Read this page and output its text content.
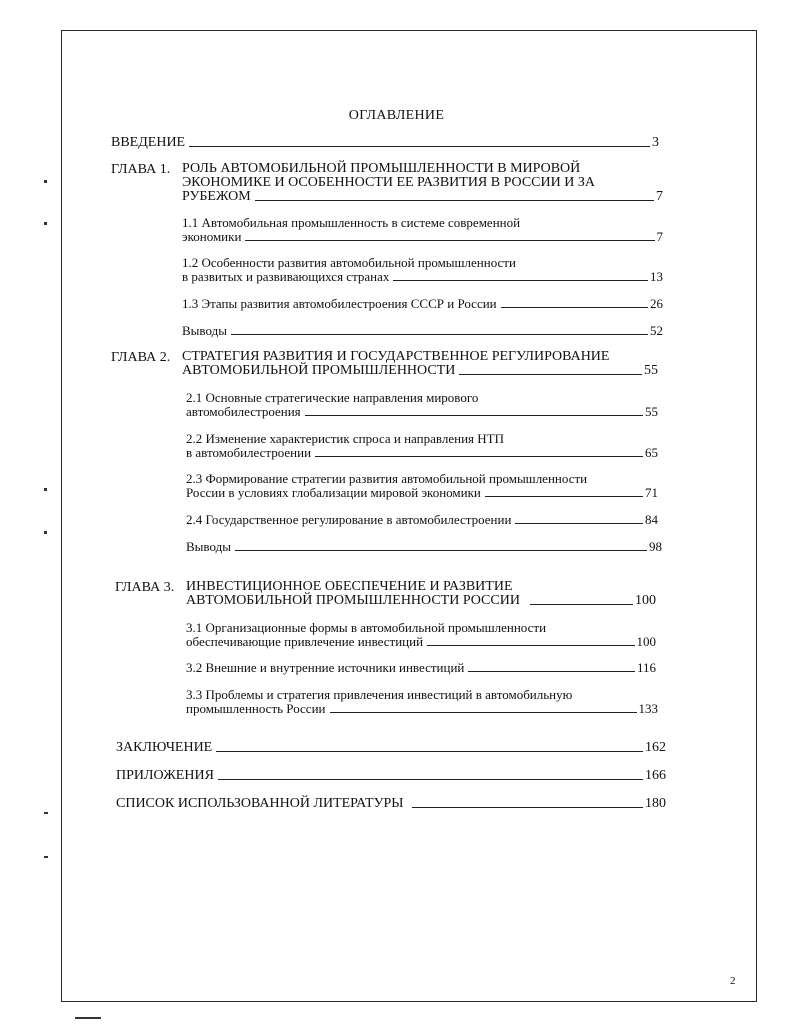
ОГЛАВЛЕНИЕ
ВВЕДЕНИЕ	3
ГЛАВА 1. РОЛЬ АВТОМОБИЛЬНОЙ ПРОМЫШЛЕННОСТИ В МИРОВОЙ
ЭКОНОМИКЕ И ОСОБЕННОСТИ ЕЕ РАЗВИТИЯ В РОССИИ И ЗА
РУБЕЖОМ	7
1.1 Автомобильная промышленность в системе современной
экономики	7
1.2 Особенности развития автомобильной промышленности
в развитых и развивающихся странах	13
1.3 Этапы развития автомобилестроения СССР и России	26
Выводы	52
ГЛАВА 2. СТРАТЕГИЯ РАЗВИТИЯ И ГОСУДАРСТВЕННОЕ РЕГУЛИРОВАНИЕ
АВТОМОБИЛЬНОЙ ПРОМЫШЛЕННОСТИ	55
2.1 Основные стратегические направления мирового
автомобилестроения	55
2.2 Изменение характеристик спроса и направления НТП
в автомобилестроении	65
2.3 Формирование стратегии развития автомобильной промышленности
России в условиях глобализации мировой экономики	71
2.4 Государственное регулирование в автомобилестроении	84
Выводы	98
ГЛАВА 3. ИНВЕСТИЦИОННОЕ ОБЕСПЕЧЕНИЕ И РАЗВИТИЕ
АВТОМОБИЛЬНОЙ ПРОМЫШЛЕННОСТИ РОССИИ	100
3.1 Организационные формы в автомобильной промышленности
обеспечивающие привлечение инвестиций	100
3.2 Внешние и внутренние источники инвестиций	116
3.3 Проблемы и стратегия привлечения инвестиций в автомобильную
промышленность России	133
ЗАКЛЮЧЕНИЕ	162
ПРИЛОЖЕНИЯ	166
СПИСОК ИСПОЛЬЗОВАННОЙ ЛИТЕРАТУРЫ	180
2
